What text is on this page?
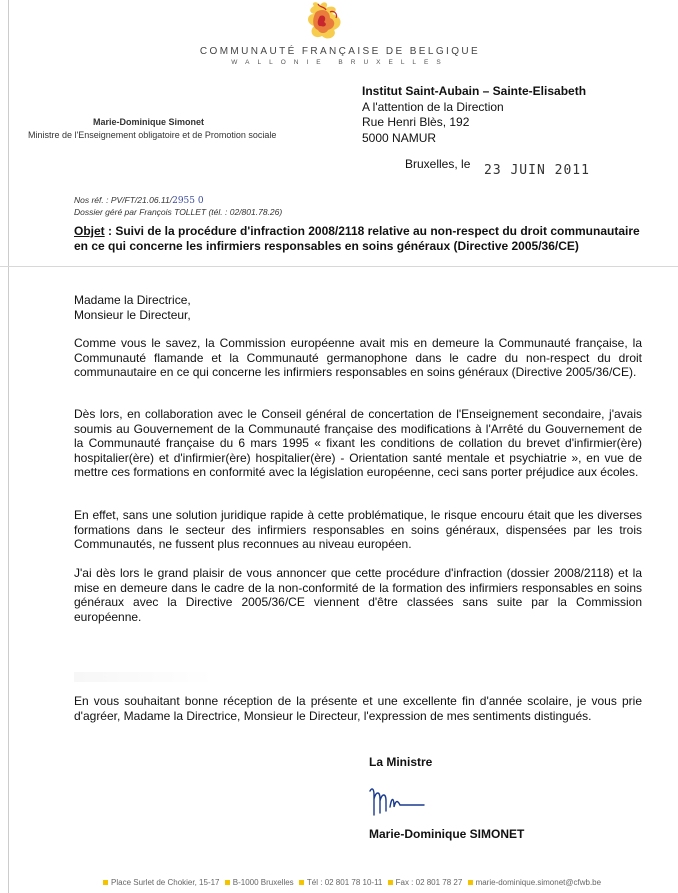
COMMUNAUTÉ FRANÇAISE DE BELGIQUE
WALLONIE BRUXELLES
Marie-Dominique Simonet
Ministre de l'Enseignement obligatoire et de Promotion sociale
Institut Saint-Aubain – Sainte-Elisabeth
A l'attention de la Direction
Rue Henri Blès, 192
5000 NAMUR
Bruxelles, le 23 JUIN 2011
Nos réf. : PV/FT/21.06.11/2955 0
Dossier géré par François TOLLET (tél. : 02/801.78.26)
Objet : Suivi de la procédure d'infraction 2008/2118 relative au non-respect du droit communautaire en ce qui concerne les infirmiers responsables en soins généraux (Directive 2005/36/CE)
Madame la Directrice,
Monsieur le Directeur,
Comme vous le savez, la Commission européenne avait mis en demeure la Communauté française, la Communauté flamande et la Communauté germanophone dans le cadre du non-respect du droit communautaire en ce qui concerne les infirmiers responsables en soins généraux (Directive 2005/36/CE).
Dès lors, en collaboration avec le Conseil général de concertation de l'Enseignement secondaire, j'avais soumis au Gouvernement de la Communauté française des modifications à l'Arrêté du Gouvernement de la Communauté française du 6 mars 1995 « fixant les conditions de collation du brevet d'infirmier(ère) hospitalier(ère) et d'infirmier(ère) hospitalier(ère) - Orientation santé mentale et psychiatrie », en vue de mettre ces formations en conformité avec la législation européenne, ceci sans porter préjudice aux écoles.
En effet, sans une solution juridique rapide à cette problématique, le risque encouru était que les diverses formations dans le secteur des infirmiers responsables en soins généraux, dispensées par les trois Communautés, ne fussent plus reconnues au niveau européen.
J'ai dès lors le grand plaisir de vous annoncer que cette procédure d'infraction (dossier 2008/2118) et la mise en demeure dans le cadre de la non-conformité de la formation des infirmiers responsables en soins généraux avec la Directive 2005/36/CE viennent d'être classées sans suite par la Commission européenne.
En vous souhaitant bonne réception de la présente et une excellente fin d'année scolaire, je vous prie d'agréer, Madame la Directrice, Monsieur le Directeur, l'expression de mes sentiments distingués.
La Ministre
Marie-Dominique SIMONET
Place Surlet de Chokier, 15-17 B-1000 Bruxelles Tél : 02 801 78 10-11 Fax : 02 801 78 27 marie-dominique.simonet@cfwb.be
